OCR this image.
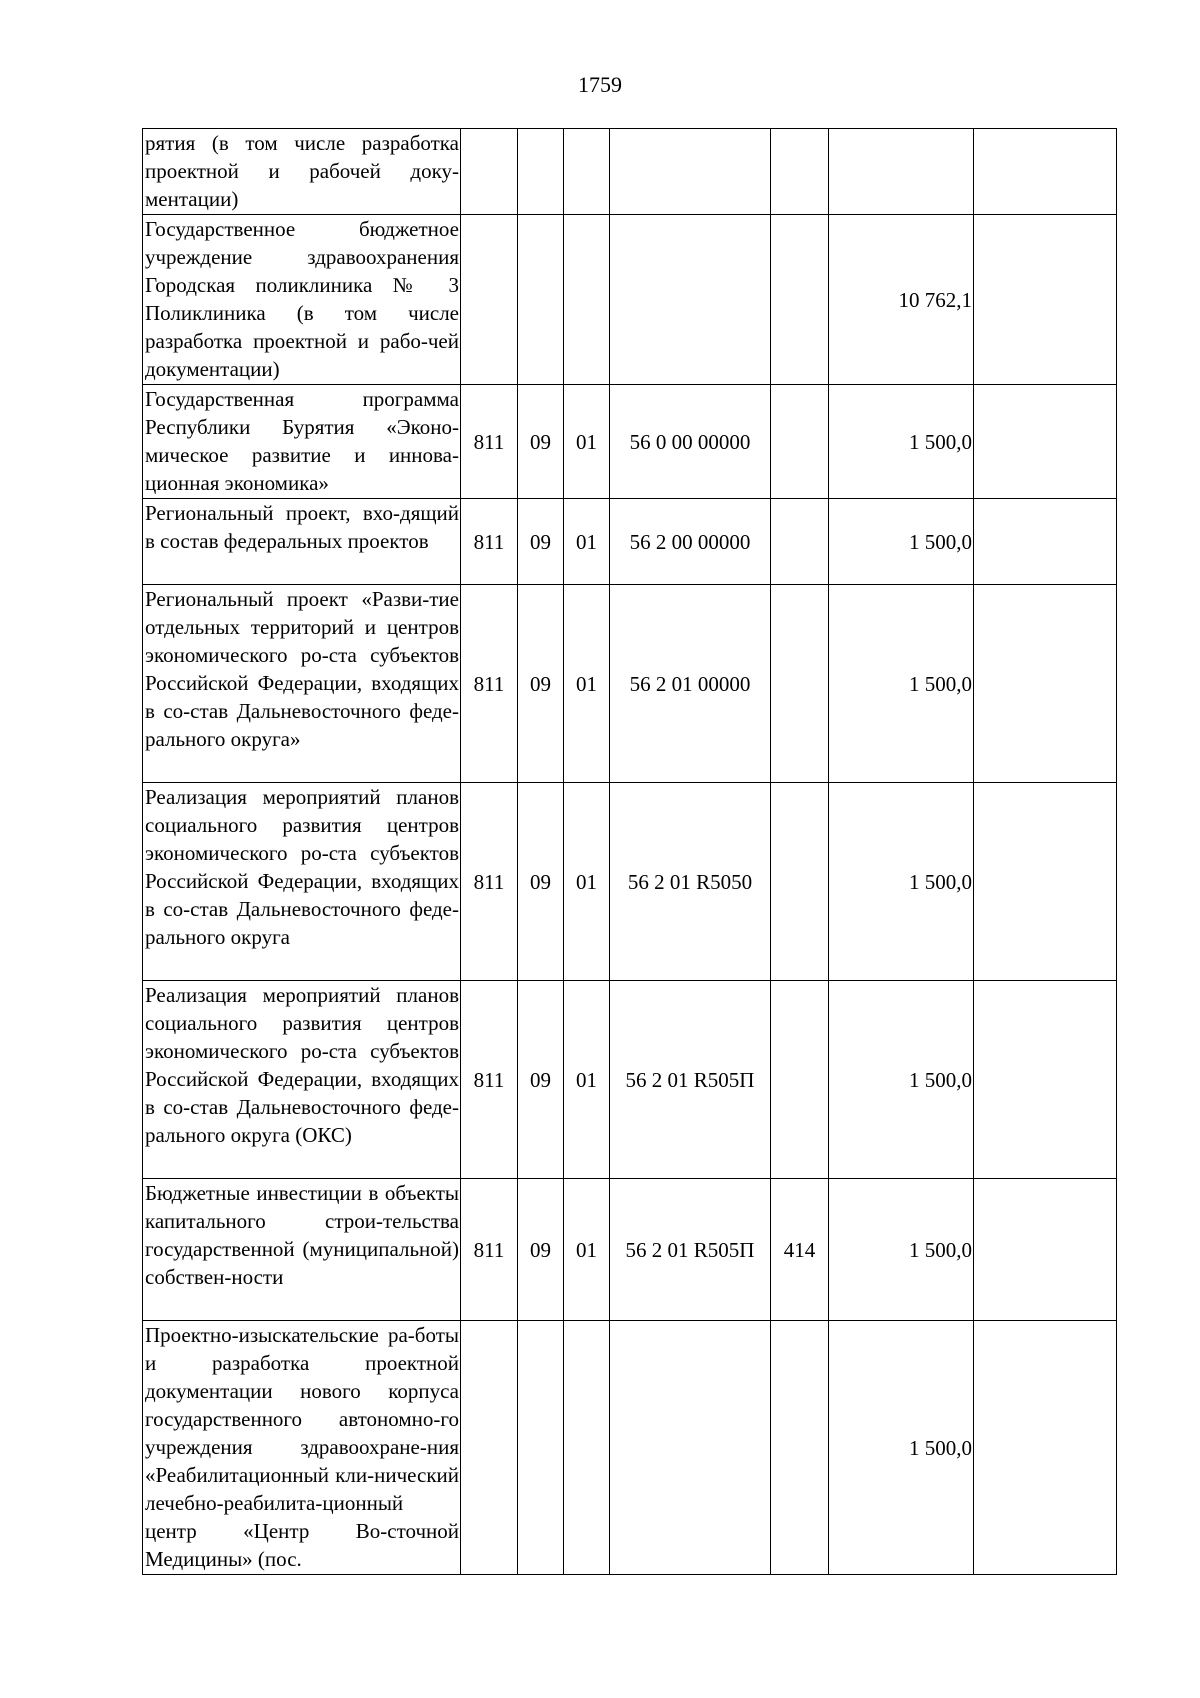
1759
рятия (в том числе разработка проектной и рабочей доку-ментации)							

Государственное бюджетное учреждение здравоохранения Городская поликлиника № 3 Поликлиника (в том числе разработка проектной и рабо-чей документации)						10 762,1	

Государственная программа Республики Бурятия «Эконо-мическое развитие и иннова-ционная экономика»	811	09	01	56 0 00 00000		1 500,0	

Региональный проект, вхо-дящий в состав федеральных проектов	811	09	01	56 2 00 00000		1 500,0	

Региональный проект «Разви-тие отдельных территорий и центров экономического ро-ста субъектов Российской Федерации, входящих в со-став Дальневосточного феде-рального округа»	811	09	01	56 2 01 00000		1 500,0	

Реализация мероприятий планов социального развития центров экономического ро-ста субъектов Российской Федерации, входящих в со-став Дальневосточного феде-рального округа	811	09	01	56 2 01 R5050		1 500,0	

Реализация мероприятий планов социального развития центров экономического ро-ста субъектов Российской Федерации, входящих в со-став Дальневосточного феде-рального округа (ОКС)	811	09	01	56 2 01 R505П		1 500,0	

Бюджетные инвестиции в объекты капитального строи-тельства государственной (муниципальной) собствен-ности	811	09	01	56 2 01 R505П	414	1 500,0	

Проектно-изыскательские ра-боты и разработка проектной документации нового корпуса государственного автономно-го учреждения здравоохране-ния «Реабилитационный кли-нический лечебно-реабилита-ционный центр «Центр Во-сточной Медицины» (пос.						1 500,0	
